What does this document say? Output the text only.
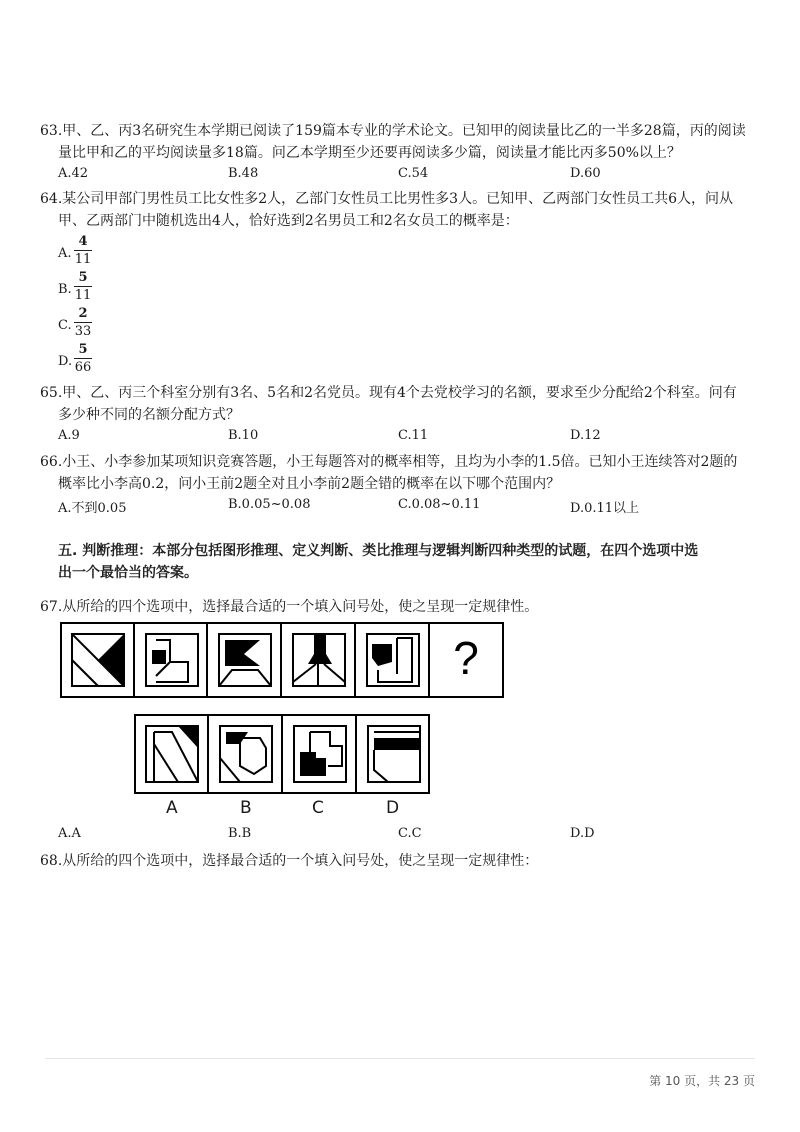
63.甲、乙、丙3名研究生本学期已阅读了159篇本专业的学术论文。已知甲的阅读量比乙的一半多28篇，丙的阅读
量比甲和乙的平均阅读量多18篇。问乙本学期至少还要再阅读多少篇，阅读量才能比丙多50%以上？
A.42	B.48	C.54	D.60
64.某公司甲部门男性员工比女性多2人，乙部门女性员工比男性多3人。已知甲、乙两部门女性员工共6人，问从
甲、乙两部门中随机选出4人，恰好选到2名男员工和2名女员工的概率是：
A.
4
11
B.
5
11
C.
2
33
D.
5
66
65.甲、乙、丙三个科室分别有3名、5名和2名党员。现有4个去党校学习的名额，要求至少分配给2个科室。问有
多少种不同的名额分配方式？
A.9	B.10	C.11	D.12
66.小王、小李参加某项知识竞赛答题，小王每题答对的概率相等，且均为小李的1.5倍。已知小王连续答对2题的
概率比小李高0.2，问小王前2题全对且小李前2题全错的概率在以下哪个范围内？
A.不到0.05	B.0.05~0.08	C.0.08~0.11	D.0.11以上
五. 判断推理：本部分包括图形推理、定义判断、类比推理与逻辑判断四种类型的试题，在四个选项中选
出一个最恰当的答案。
67.从所给的四个选项中，选择最合适的一个填入问号处，使之呈现一定规律性。
?
A	B	C	D
A.A	B.B	C.C	D.D
68.从所给的四个选项中，选择最合适的一个填入问号处，使之呈现一定规律性：
第 10 页，共 23 页
